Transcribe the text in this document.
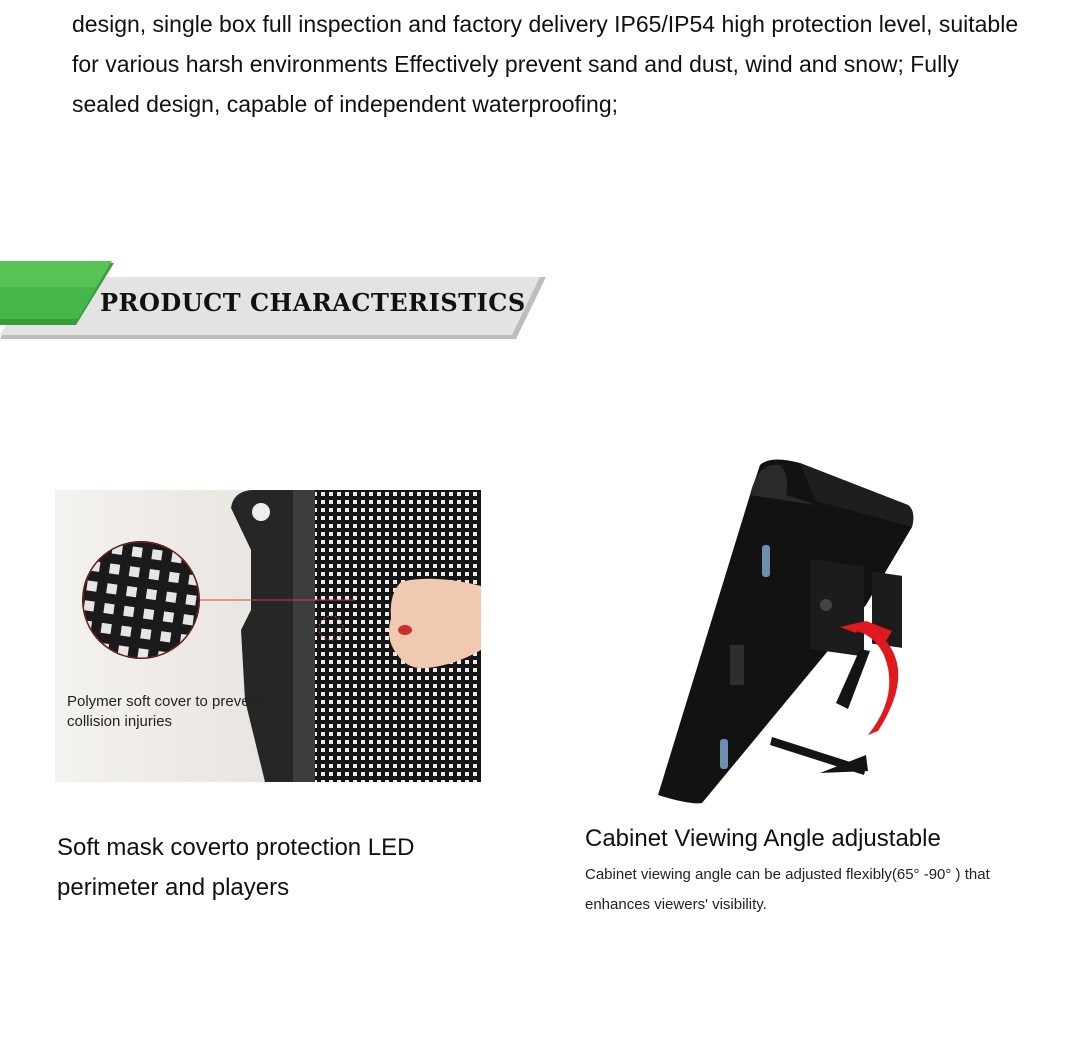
design, single box full inspection and factory delivery IP65/IP54 high protection level, suitable for various harsh environments Effectively prevent sand and dust, wind and snow; Fully sealed design, capable of independent waterproofing;

PRODUCT CHARACTERISTICS

Polymer soft cover to prevent collision injuries

Soft mask coverto protection LED perimeter and players

Cabinet Viewing Angle adjustable

Cabinet viewing angle can be adjusted flexibly(65° -90° ) that enhances viewers' visibility.
